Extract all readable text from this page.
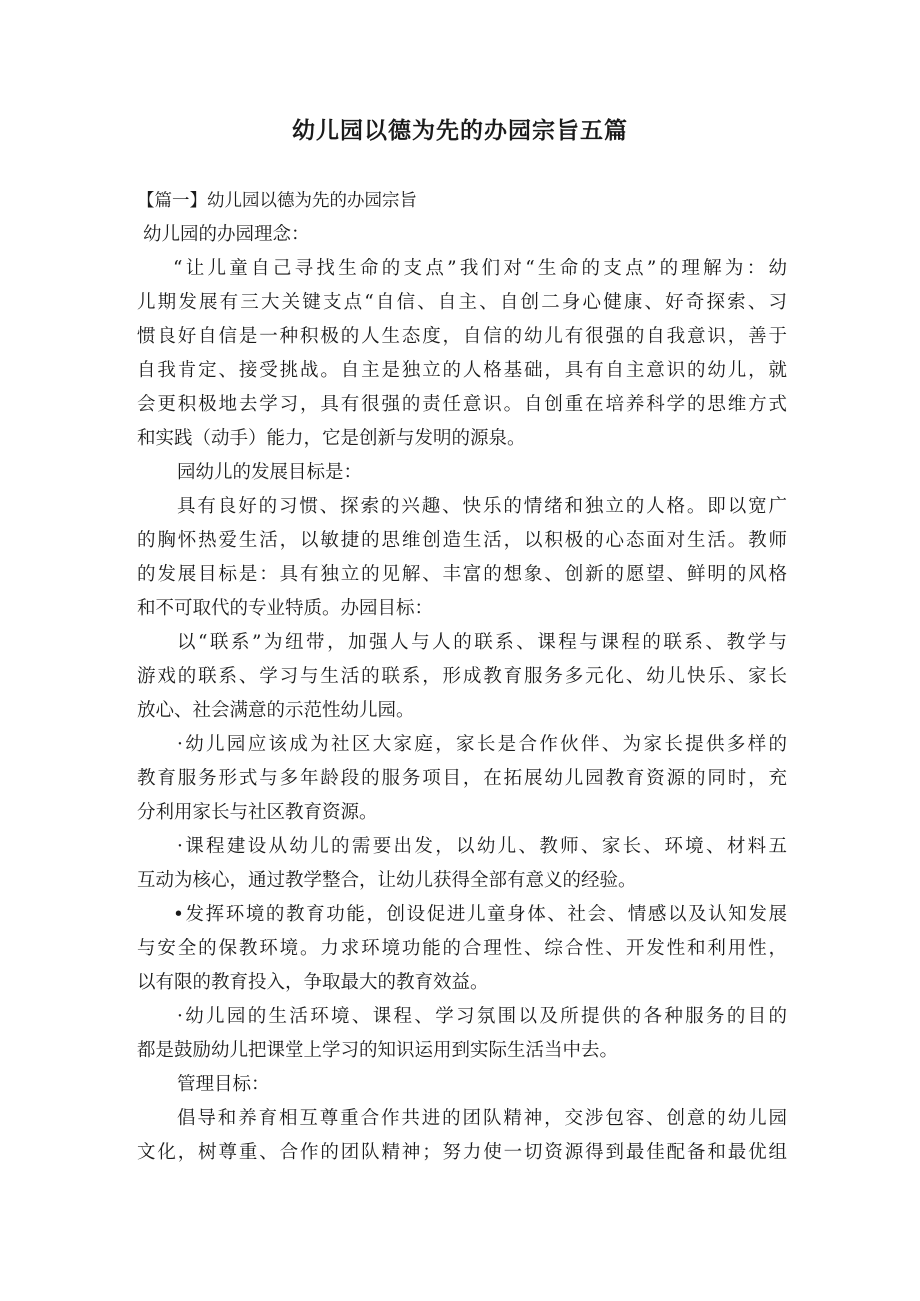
幼儿园以德为先的办园宗旨五篇
【篇一】幼儿园以德为先的办园宗旨
幼儿园的办园理念：
“让儿童自己寻找生命的支点”我们对“生命的支点”的理解为：幼
儿期发展有三大关键支点“自信、自主、自创二身心健康、好奇探索、习
惯良好自信是一种积极的人生态度，自信的幼儿有很强的自我意识，善于
自我肯定、接受挑战。自主是独立的人格基础，具有自主意识的幼儿，就
会更积极地去学习，具有很强的责任意识。自创重在培养科学的思维方式
和实践（动手）能力，它是创新与发明的源泉。
园幼儿的发展目标是：
具有良好的习惯、探索的兴趣、快乐的情绪和独立的人格。即以宽广
的胸怀热爱生活，以敏捷的思维创造生活，以积极的心态面对生活。教师
的发展目标是：具有独立的见解、丰富的想象、创新的愿望、鲜明的风格
和不可取代的专业特质。办园目标：
以“联系”为纽带，加强人与人的联系、课程与课程的联系、教学与
游戏的联系、学习与生活的联系，形成教育服务多元化、幼儿快乐、家长
放心、社会满意的示范性幼儿园。
·幼儿园应该成为社区大家庭，家长是合作伙伴、为家长提供多样的
教育服务形式与多年龄段的服务项目，在拓展幼儿园教育资源的同时，充
分利用家长与社区教育资源。
·课程建设从幼儿的需要出发，以幼儿、教师、家长、环境、材料五
互动为核心，通过教学整合，让幼儿获得全部有意义的经验。
•发挥环境的教育功能，创设促进儿童身体、社会、情感以及认知发展
与安全的保教环境。力求环境功能的合理性、综合性、开发性和利用性，
以有限的教育投入，争取最大的教育效益。
·幼儿园的生活环境、课程、学习氛围以及所提供的各种服务的目的
都是鼓励幼儿把课堂上学习的知识运用到实际生活当中去。
管理目标：
倡导和养育相互尊重合作共进的团队精神，交涉包容、创意的幼儿园
文化，树尊重、合作的团队精神；努力使一切资源得到最佳配备和最优组
